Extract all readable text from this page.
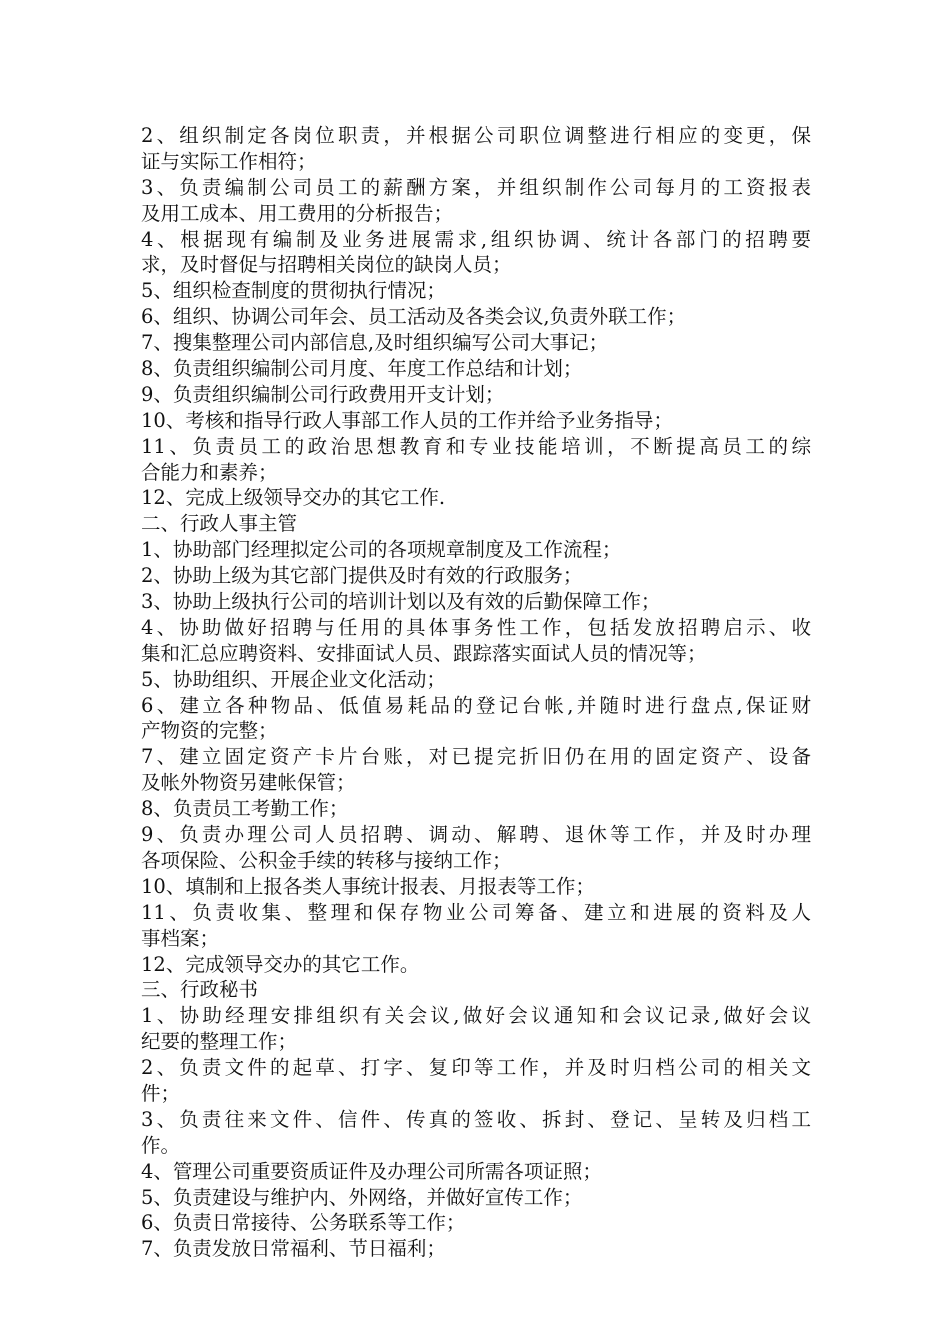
2、组织制定各岗位职责，并根据公司职位调整进行相应的变更，保
证与实际工作相符；
3、负责编制公司员工的薪酬方案，并组织制作公司每月的工资报表
及用工成本、用工费用的分析报告；
4、根据现有编制及业务进展需求,组织协调、统计各部门的招聘要
求，及时督促与招聘相关岗位的缺岗人员；
5、组织检查制度的贯彻执行情况；
6、组织、协调公司年会、员工活动及各类会议,负责外联工作；
7、搜集整理公司内部信息,及时组织编写公司大事记；
8、负责组织编制公司月度、年度工作总结和计划；
9、负责组织编制公司行政费用开支计划；
10、考核和指导行政人事部工作人员的工作并给予业务指导；
11、负责员工的政治思想教育和专业技能培训，不断提高员工的综
合能力和素养；
12、完成上级领导交办的其它工作.
二、行政人事主管
1、协助部门经理拟定公司的各项规章制度及工作流程；
2、协助上级为其它部门提供及时有效的行政服务；
3、协助上级执行公司的培训计划以及有效的后勤保障工作；
4、协助做好招聘与任用的具体事务性工作，包括发放招聘启示、收
集和汇总应聘资料、安排面试人员、跟踪落实面试人员的情况等；
5、协助组织、开展企业文化活动；
6、建立各种物品、低值易耗品的登记台帐,并随时进行盘点,保证财
产物资的完整；
7、建立固定资产卡片台账，对已提完折旧仍在用的固定资产、设备
及帐外物资另建帐保管；
8、负责员工考勤工作；
9、负责办理公司人员招聘、调动、解聘、退休等工作，并及时办理
各项保险、公积金手续的转移与接纳工作；
10、填制和上报各类人事统计报表、月报表等工作；
11、负责收集、整理和保存物业公司筹备、建立和进展的资料及人
事档案；
12、完成领导交办的其它工作。
三、行政秘书
1、协助经理安排组织有关会议,做好会议通知和会议记录,做好会议
纪要的整理工作；
2、负责文件的起草、打字、复印等工作，并及时归档公司的相关文
件；
3、负责往来文件、信件、传真的签收、拆封、登记、呈转及归档工
作。
4、管理公司重要资质证件及办理公司所需各项证照；
5、负责建设与维护内、外网络，并做好宣传工作；
6、负责日常接待、公务联系等工作；
7、负责发放日常福利、节日福利；
